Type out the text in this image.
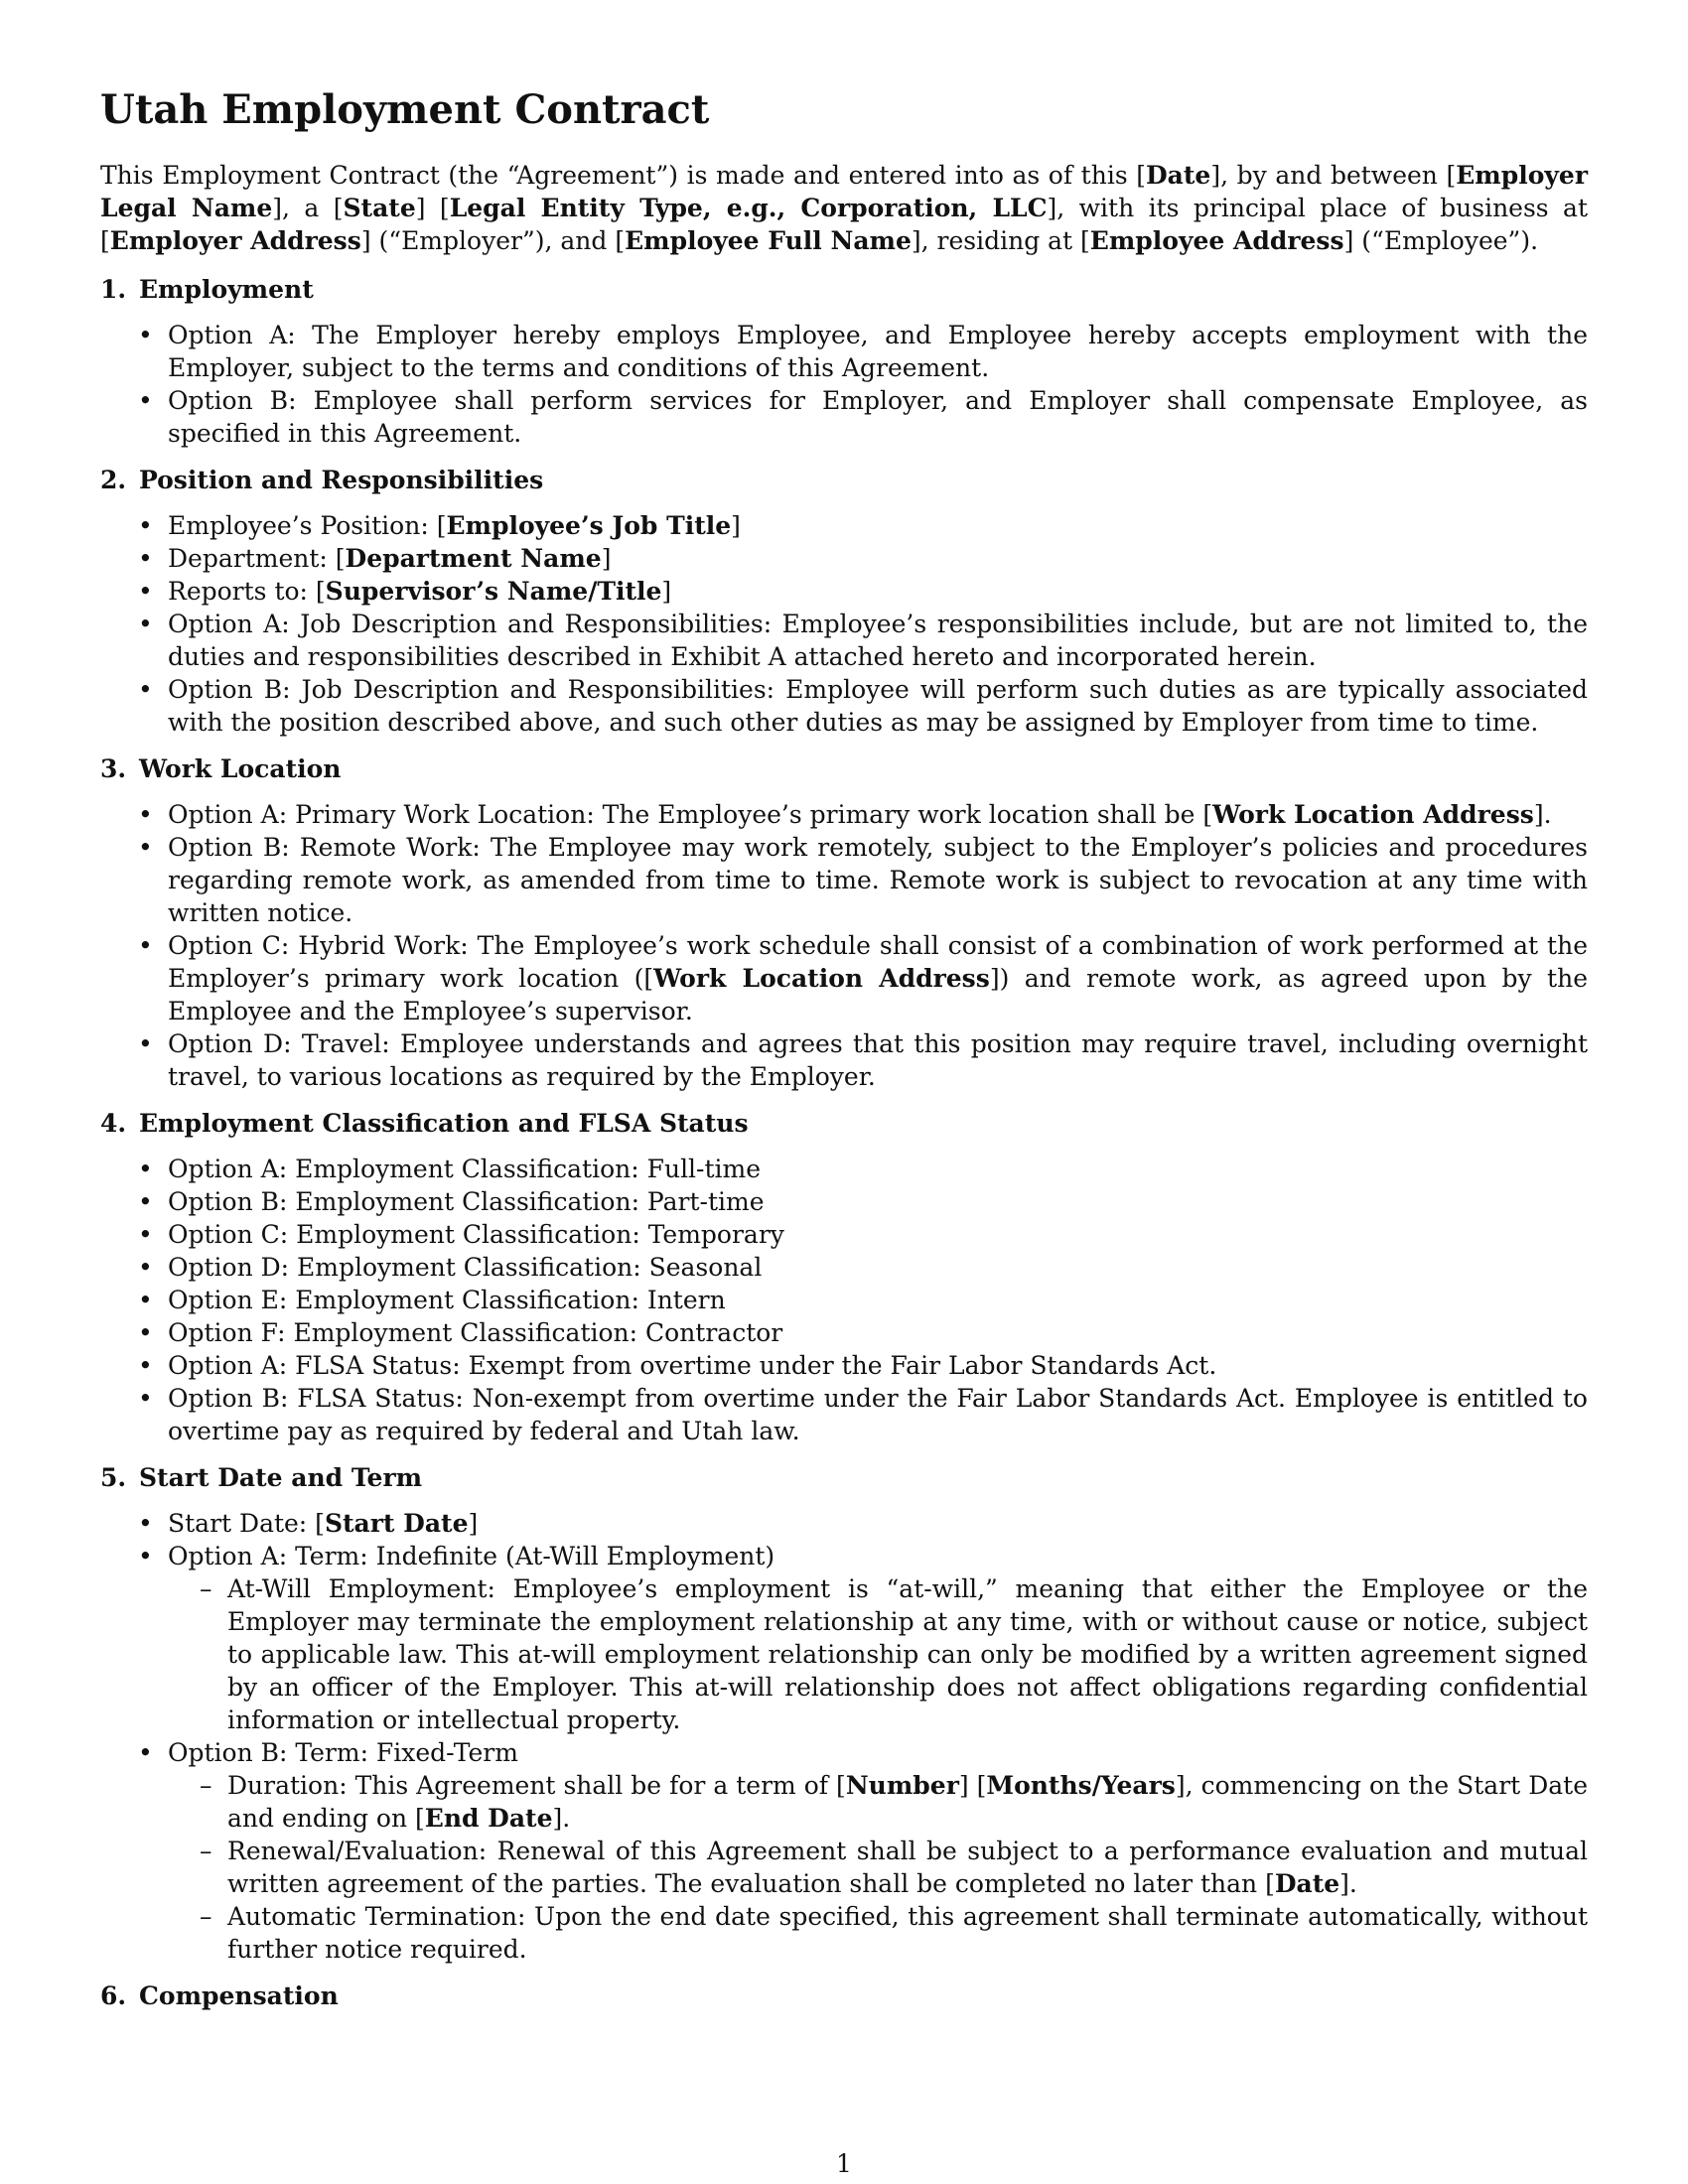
Utah Employment Contract

This Employment Contract (the “Agreement”) is made and entered into as of this [Date], by and between [Employer Legal Name], a [State] [Legal Entity Type, e.g., Corporation, LLC], with its principal place of business at [Employer Address] (“Employer”), and [Employee Full Name], residing at [Employee Address] (“Employee”).

1. Employment
• Option A: The Employer hereby employs Employee, and Employee hereby accepts employment with the Employer, subject to the terms and conditions of this Agreement.
• Option B: Employee shall perform services for Employer, and Employer shall compensate Employee, as specified in this Agreement.
2. Position and Responsibilities
• Employee’s Position: [Employee’s Job Title]
• Department: [Department Name]
• Reports to: [Supervisor’s Name/Title]
• Option A: Job Description and Responsibilities: Employee’s responsibilities include, but are not limited to, the duties and responsibilities described in Exhibit A attached hereto and incorporated herein.
• Option B: Job Description and Responsibilities: Employee will perform such duties as are typically associated with the position described above, and such other duties as may be assigned by Employer from time to time.
3. Work Location
• Option A: Primary Work Location: The Employee’s primary work location shall be [Work Location Address].
• Option B: Remote Work: The Employee may work remotely, subject to the Employer’s policies and procedures regarding remote work, as amended from time to time. Remote work is subject to revocation at any time with written notice.
• Option C: Hybrid Work: The Employee’s work schedule shall consist of a combination of work performed at the Employer’s primary work location ([Work Location Address]) and remote work, as agreed upon by the Employee and the Employee’s supervisor.
• Option D: Travel: Employee understands and agrees that this position may require travel, including overnight travel, to various locations as required by the Employer.
4. Employment Classification and FLSA Status
• Option A: Employment Classification: Full-time
• Option B: Employment Classification: Part-time
• Option C: Employment Classification: Temporary
• Option D: Employment Classification: Seasonal
• Option E: Employment Classification: Intern
• Option F: Employment Classification: Contractor
• Option A: FLSA Status: Exempt from overtime under the Fair Labor Standards Act.
• Option B: FLSA Status: Non-exempt from overtime under the Fair Labor Standards Act. Employee is entitled to overtime pay as required by federal and Utah law.
5. Start Date and Term
• Start Date: [Start Date]
• Option A: Term: Indefinite (At-Will Employment)
– At-Will Employment: Employee’s employment is “at-will,” meaning that either the Employee or the Employer may terminate the employment relationship at any time, with or without cause or notice, subject to applicable law. This at-will employment relationship can only be modified by a written agreement signed by an officer of the Employer. This at-will relationship does not affect obligations regarding confidential information or intellectual property.
• Option B: Term: Fixed-Term
– Duration: This Agreement shall be for a term of [Number] [Months/Years], commencing on the Start Date and ending on [End Date].
– Renewal/Evaluation: Renewal of this Agreement shall be subject to a performance evaluation and mutual written agreement of the parties. The evaluation shall be completed no later than [Date].
– Automatic Termination: Upon the end date specified, this agreement shall terminate automatically, without further notice required.
6. Compensation
1
